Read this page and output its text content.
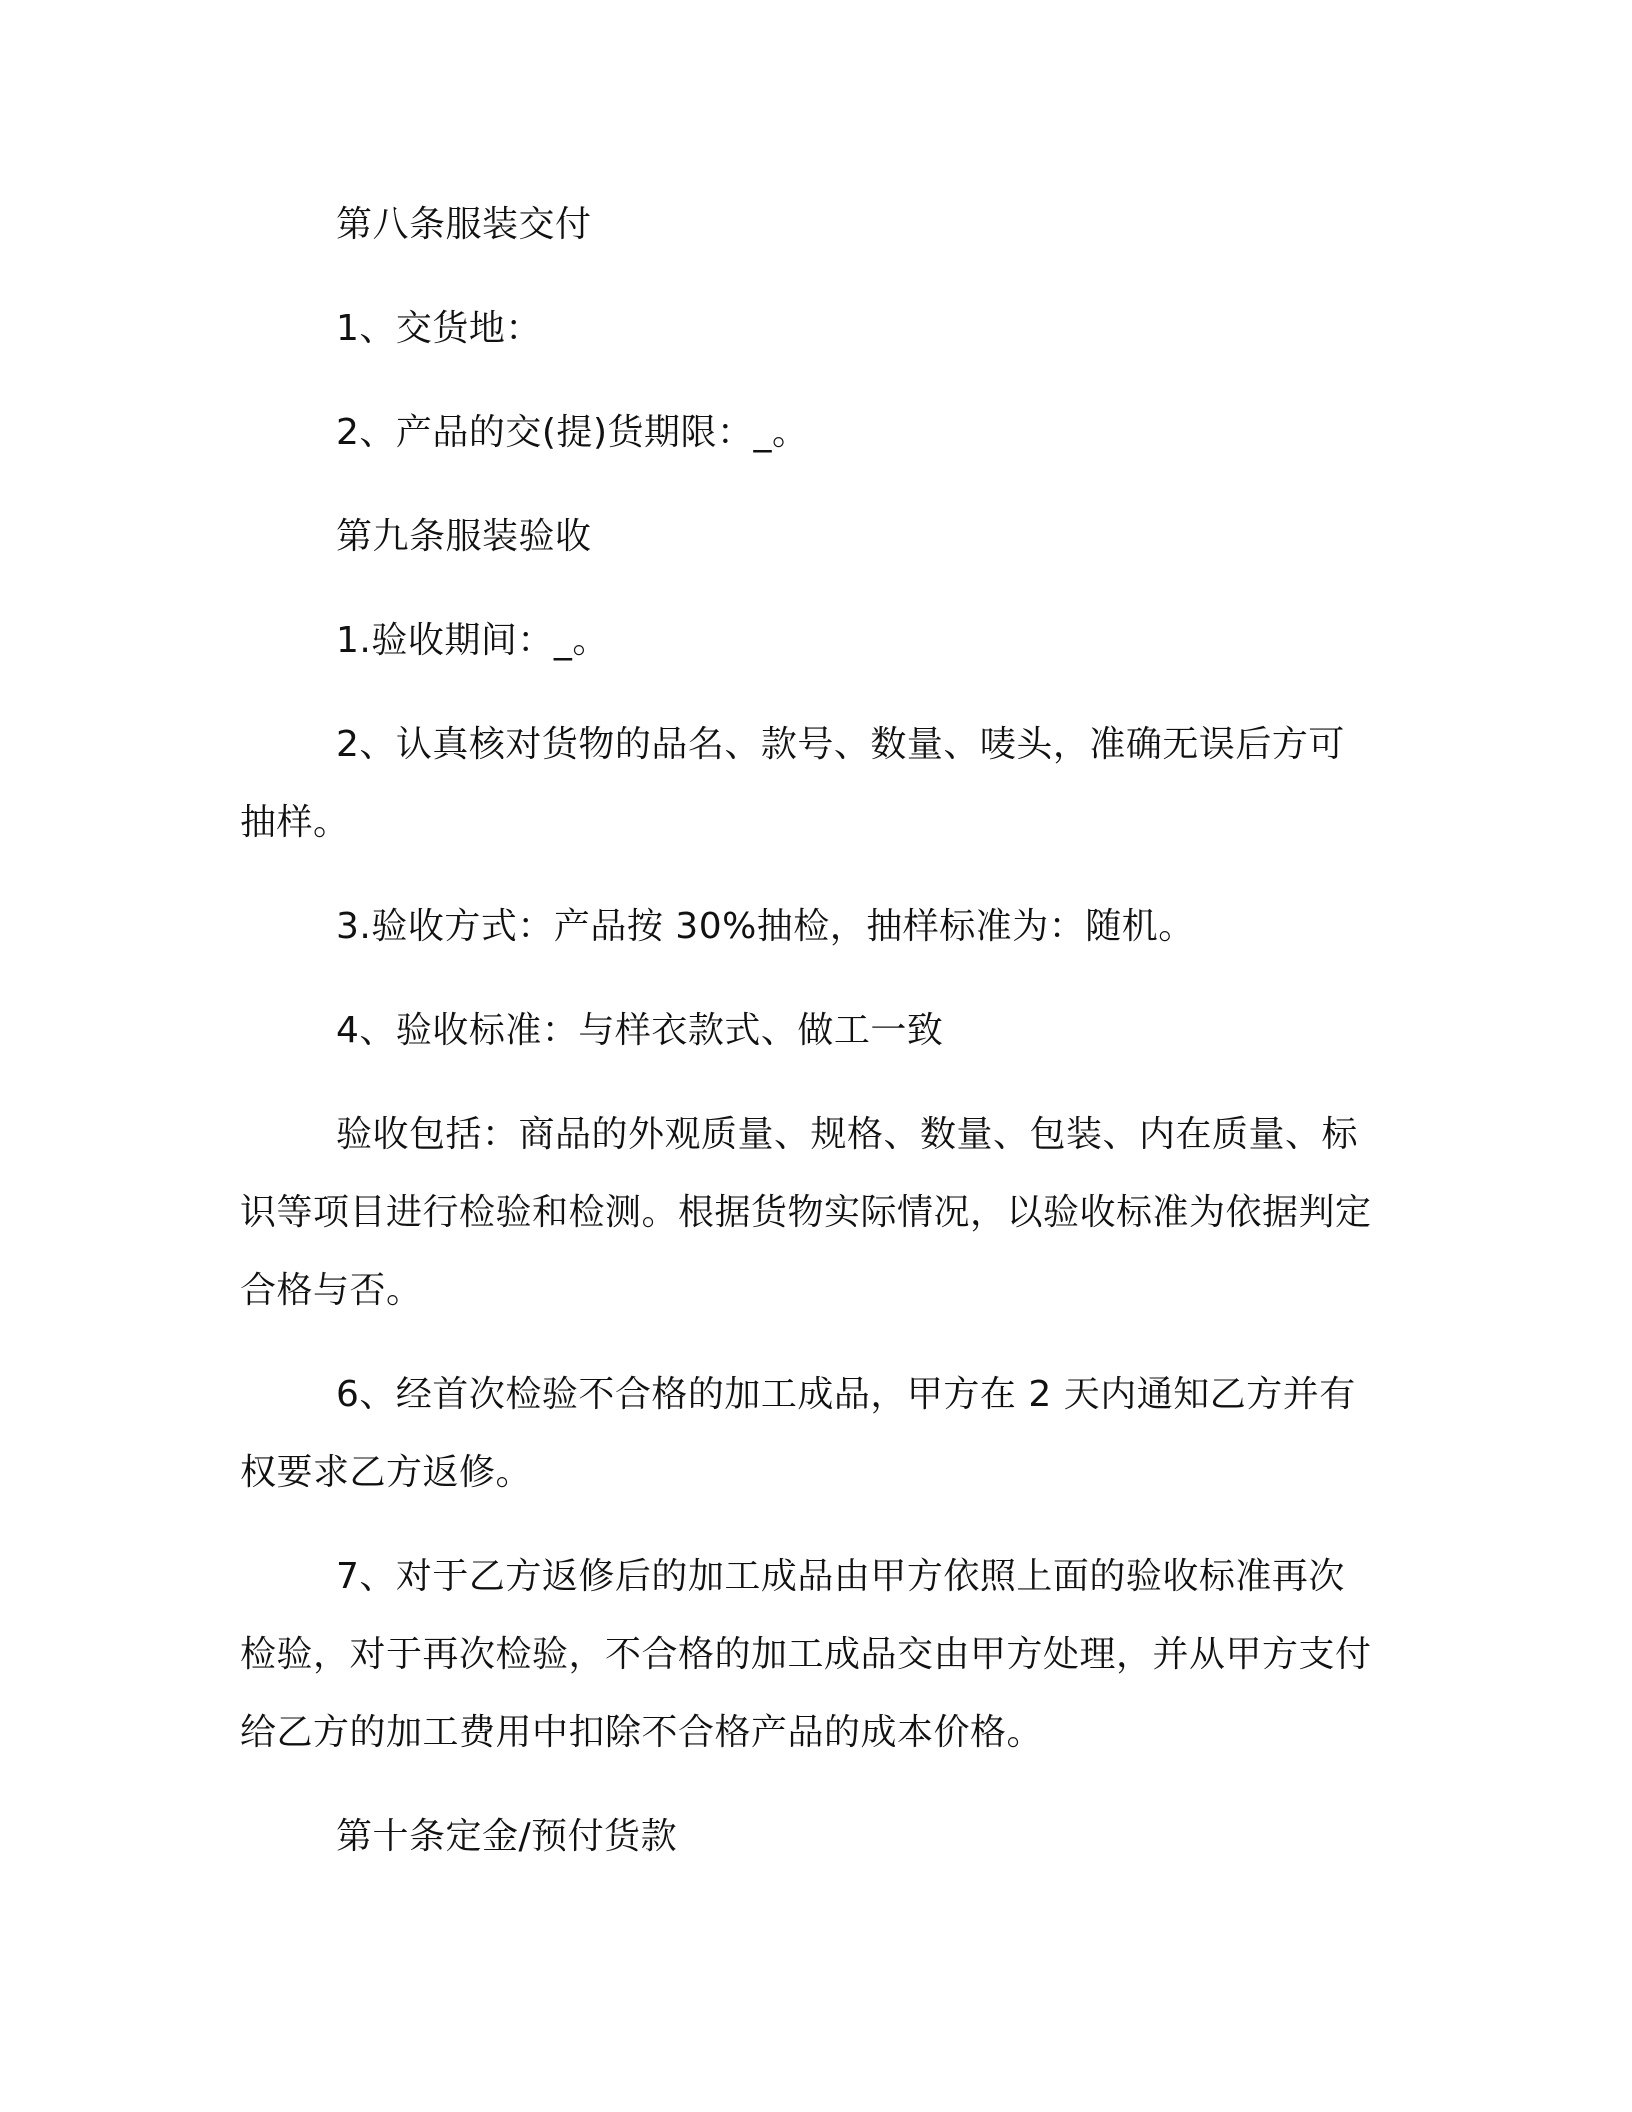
第八条服装交付

1、交货地：

2、产品的交(提)货期限：_。

第九条服装验收

1.验收期间：_。

2、认真核对货物的品名、款号、数量、唛头，准确无误后方可抽样。

3.验收方式：产品按 30%抽检，抽样标准为：随机。

4、验收标准：与样衣款式、做工一致

验收包括：商品的外观质量、规格、数量、包装、内在质量、标识等项目进行检验和检测。根据货物实际情况，以验收标准为依据判定合格与否。

6、经首次检验不合格的加工成品，甲方在 2 天内通知乙方并有权要求乙方返修。

7、对于乙方返修后的加工成品由甲方依照上面的验收标准再次检验，对于再次检验，不合格的加工成品交由甲方处理，并从甲方支付给乙方的加工费用中扣除不合格产品的成本价格。

第十条定金/预付货款
